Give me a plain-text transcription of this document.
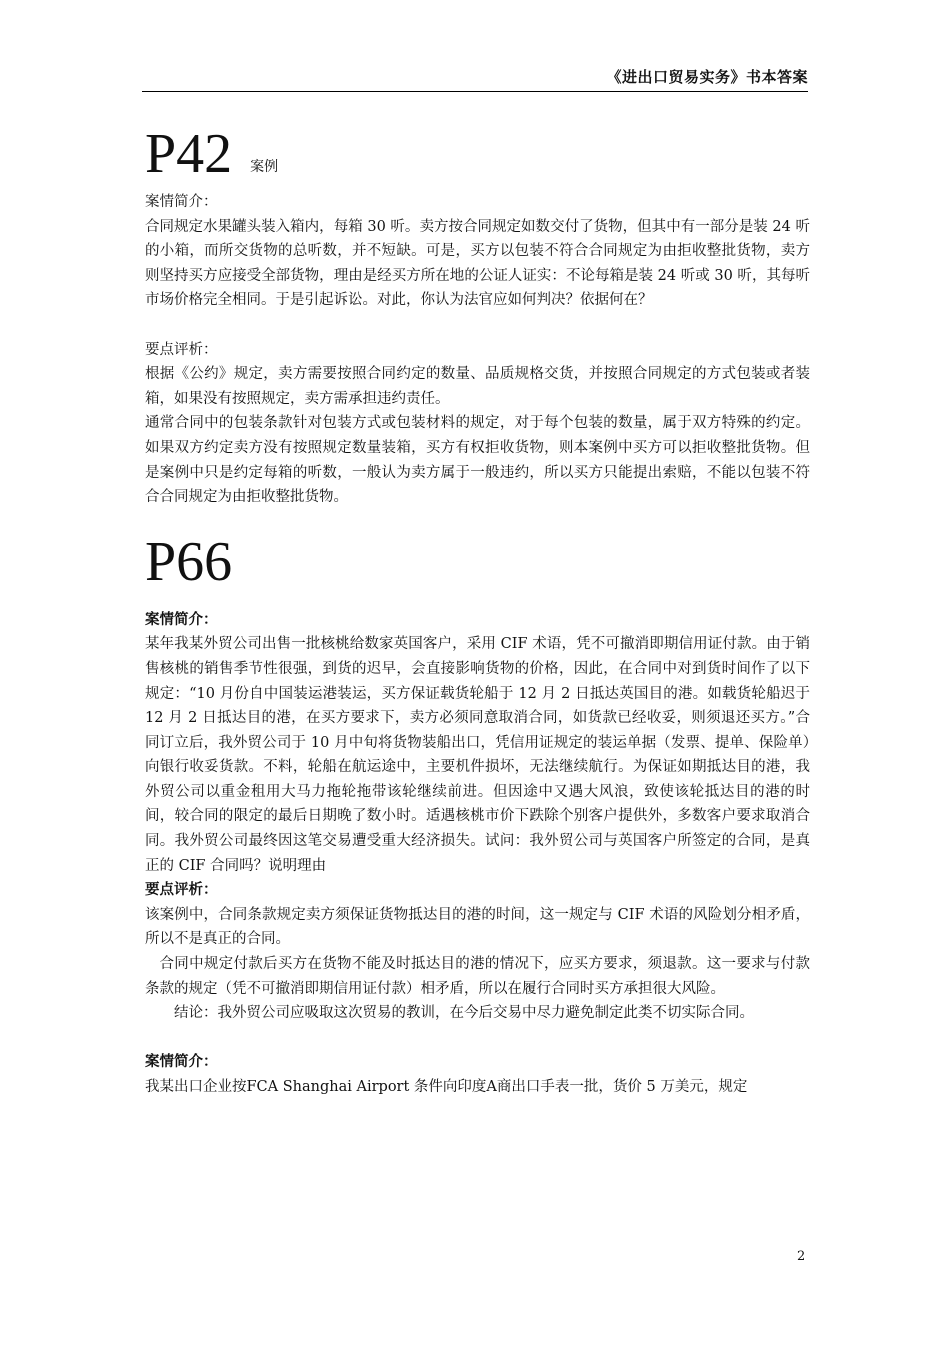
《进出口贸易实务》书本答案
P42 案例

案情简介：

合同规定水果罐头装入箱内，每箱 30 听。卖方按合同规定如数交付了货物，但其中有一部分是装 24 听的小箱，而所交货物的总听数，并不短缺。可是，买方以包装不符合合同规定为由拒收整批货物，卖方则坚持买方应接受全部货物，理由是经买方所在地的公证人证实：不论每箱是装 24 听或 30 听，其每听市场价格完全相同。于是引起诉讼。对此，你认为法官应如何判决？依据何在？

要点评析：

根据《公约》规定，卖方需要按照合同约定的数量、品质规格交货，并按照合同规定的方式包装或者装箱，如果没有按照规定，卖方需承担违约责任。

通常合同中的包装条款针对包装方式或包装材料的规定，对于每个包装的数量，属于双方特殊的约定。如果双方约定卖方没有按照规定数量装箱，买方有权拒收货物，则本案例中买方可以拒收整批货物。但是案例中只是约定每箱的听数，一般认为卖方属于一般违约，所以买方只能提出索赔，不能以包装不符合合同规定为由拒收整批货物。

P66

案情简介：

某年我某外贸公司出售一批核桃给数家英国客户，采用 CIF 术语，凭不可撤消即期信用证付款。由于销售核桃的销售季节性很强，到货的迟早，会直接影响货物的价格，因此，在合同中对到货时间作了以下规定：“10 月份自中国装运港装运，买方保证载货轮船于 12 月 2 日抵达英国目的港。如载货轮船迟于 12 月 2 日抵达目的港，在买方要求下，卖方必须同意取消合同，如货款已经收妥，则须退还买方。”合同订立后，我外贸公司于 10 月中旬将货物装船出口，凭信用证规定的装运单据（发票、提单、保险单）向银行收妥货款。不料，轮船在航运途中，主要机件损坏，无法继续航行。为保证如期抵达目的港，我外贸公司以重金租用大马力拖轮拖带该轮继续前进。但因途中又遇大风浪，致使该轮抵达目的港的时间，较合同的限定的最后日期晚了数小时。适遇核桃市价下跌除个别客户提供外，多数客户要求取消合同。我外贸公司最终因这笔交易遭受重大经济损失。试问：我外贸公司与英国客户所签定的合同，是真正的 CIF 合同吗？说明理由

要点评析：

该案例中，合同条款规定卖方须保证货物抵达目的港的时间，这一规定与 CIF 术语的风险划分相矛盾，所以不是真正的合同。

合同中规定付款后买方在货物不能及时抵达目的港的情况下，应买方要求，须退款。这一要求与付款条款的规定（凭不可撤消即期信用证付款）相矛盾，所以在履行合同时买方承担很大风险。

结论：我外贸公司应吸取这次贸易的教训，在今后交易中尽力避免制定此类不切实际合同。

案情简介：

我某出口企业按FCA Shanghai Airport 条件向印度A商出口手表一批，货价 5 万美元，规定

2
